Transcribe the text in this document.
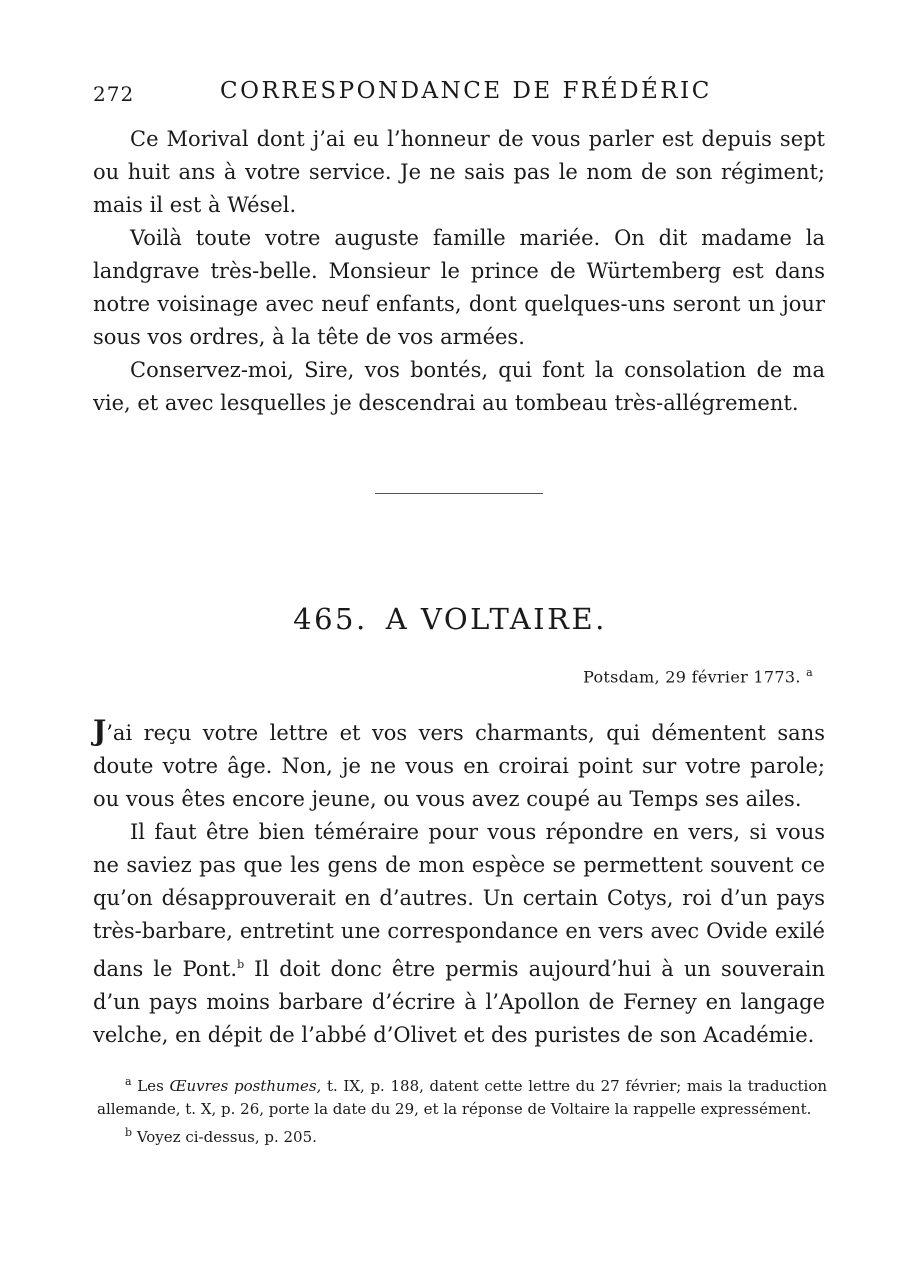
272	CORRESPONDANCE DE FRÉDÉRIC

Ce Morival dont j’ai eu l’honneur de vous parler est depuis sept ou huit ans à votre service. Je ne sais pas le nom de son régiment; mais il est à Wésel.

Voilà toute votre auguste famille mariée. On dit madame la landgrave très-belle. Monsieur le prince de Würtemberg est dans notre voisinage avec neuf enfants, dont quelques-uns seront un jour sous vos ordres, à la tête de vos armées.

Conservez-moi, Sire, vos bontés, qui font la consolation de ma vie, et avec lesquelles je descendrai au tombeau très-allégrement.

465. A VOLTAIRE.
Potsdam, 29 février 1773. $^a$

J’ai reçu votre lettre et vos vers charmants, qui démentent sans doute votre âge. Non, je ne vous en croirai point sur votre parole; ou vous êtes encore jeune, ou vous avez coupé au Temps ses ailes.

Il faut être bien téméraire pour vous répondre en vers, si vous ne saviez pas que les gens de mon espèce se permettent souvent ce qu’on désapprouverait en d’autres. Un certain Cotys, roi d’un pays très-barbare, entretint une correspondance en vers avec Ovide exilé dans le Pont.$^b$ Il doit donc être permis aujourd’hui à un souverain d’un pays moins barbare d’écrire à l’Apollon de Ferney en langage velche, en dépit de l’abbé d’Olivet et des puristes de son Académie.

$^a$ Les Œuvres posthumes, t. IX, p. 188, datent cette lettre du 27 février; mais la traduction allemande, t. X, p. 26, porte la date du 29, et la réponse de Voltaire la rappelle expressément.

$^b$ Voyez ci-dessus, p. 205.
